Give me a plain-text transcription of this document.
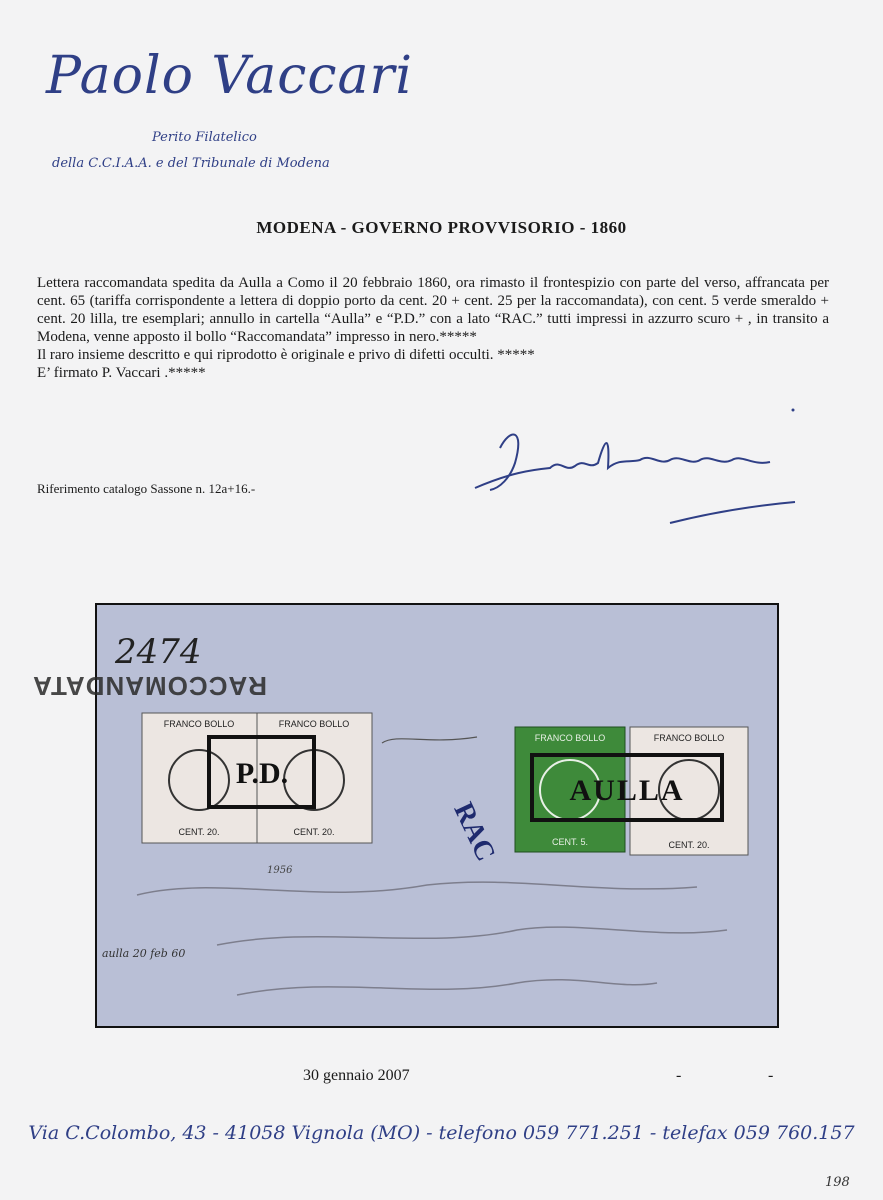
Paolo Vaccari
Perito Filatelico
della C.C.I.A.A. e del Tribunale di Modena
MODENA - GOVERNO PROVVISORIO - 1860

Lettera raccomandata spedita da Aulla a Como il 20 febbraio 1860, ora rimasto il frontespizio con parte del verso, affrancata per cent. 65 (tariffa corrispondente a lettera di doppio porto da cent. 20 + cent. 25 per la raccomandata), con cent. 5 verde smeraldo + cent. 20 lilla, tre esemplari; annullo in cartella “Aulla” e “P.D.” con a lato “RAC.” tutti impressi in azzurro scuro + , in transito a Modena, venne apposto il bollo “Raccomandata” impresso in nero.*****

Il raro insieme descritto e qui riprodotto è originale e privo di difetti occulti. *****

E’ firmato P. Vaccari .*****

Riferimento catalogo Sassone n. 12a+16.-
2474
RACCOMANDATA
FRANCO BOLLO
CENT. 20.
FRANCO BOLLO
CENT. 20.
P.D.
RAC
FRANCO BOLLO
CENT. 5.
FRANCO BOLLO
CENT. 20.
AULLA
1956
aulla 20 feb 60
30 gennaio 2007	-	-
Via C.Colombo, 43 - 41058 Vignola (MO) - telefono 059 771.251 - telefax 059 760.157
198
